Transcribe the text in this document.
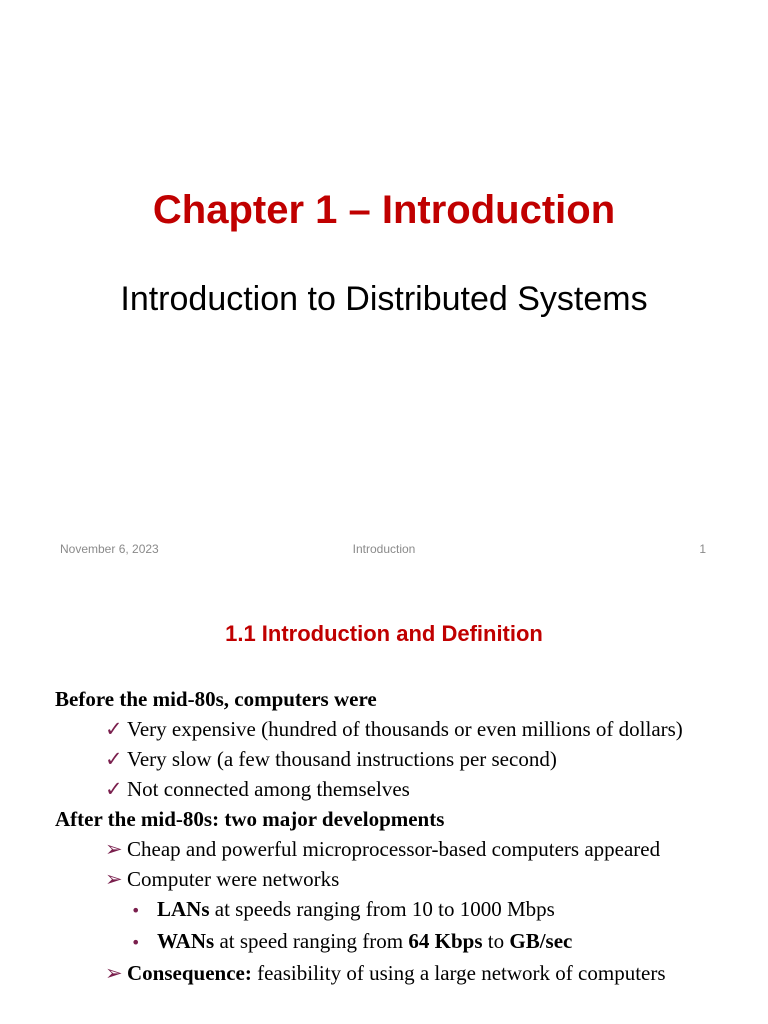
Chapter 1 – Introduction

Introduction to Distributed Systems

November 6, 2023	Introduction	1
1.1 Introduction and Definition
Before the mid-80s, computers were
✓ Very expensive (hundred of thousands or even millions of dollars)
✓ Very slow (a few thousand instructions per second)
✓ Not connected among themselves
After the mid-80s: two major developments
➢ Cheap and powerful microprocessor-based computers appeared
➢ Computer were networks
• LANs at speeds ranging from 10 to 1000 Mbps
• WANs at speed ranging from 64 Kbps to GB/sec
➢ Consequence: feasibility of using a large network of computers
